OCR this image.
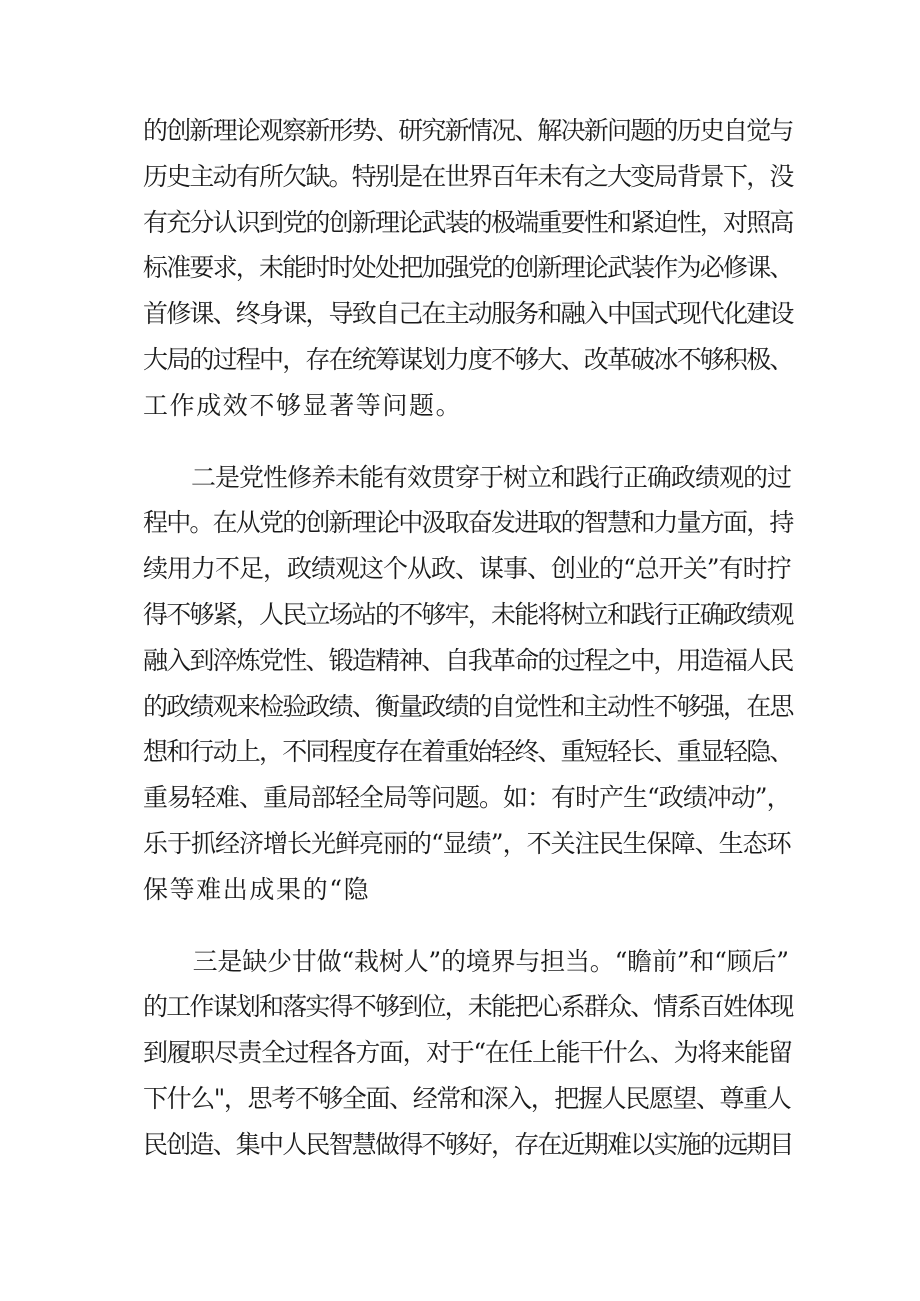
的创新理论观察新形势、研究新情况、解决新问题的历史自觉与
历史主动有所欠缺。特别是在世界百年未有之大变局背景下，没
有充分认识到党的创新理论武装的极端重要性和紧迫性，对照高
标准要求，未能时时处处把加强党的创新理论武装作为必修课、
首修课、终身课，导致自己在主动服务和融入中国式现代化建设
大局的过程中，存在统筹谋划力度不够大、改革破冰不够积极、
工作成效不够显著等问题。
　　二是党性修养未能有效贯穿于树立和践行正确政绩观的过
程中。在从党的创新理论中汲取奋发进取的智慧和力量方面，持
续用力不足，政绩观这个从政、谋事、创业的“总开关”有时拧
得不够紧，人民立场站的不够牢，未能将树立和践行正确政绩观
融入到淬炼党性、锻造精神、自我革命的过程之中，用造福人民
的政绩观来检验政绩、衡量政绩的自觉性和主动性不够强，在思
想和行动上，不同程度存在着重始轻终、重短轻长、重显轻隐、
重易轻难、重局部轻全局等问题。如：有时产生“政绩冲动”，
乐于抓经济增长光鲜亮丽的“显绩”，不关注民生保障、生态环
保等难出成果的“隐
　　三是缺少甘做“栽树人”的境界与担当。“瞻前”和“顾后”
的工作谋划和落实得不够到位，未能把心系群众、情系百姓体现
到履职尽责全过程各方面，对于“在任上能干什么、为将来能留
下什么"，思考不够全面、经常和深入，把握人民愿望、尊重人
民创造、集中人民智慧做得不够好，存在近期难以实施的远期目
